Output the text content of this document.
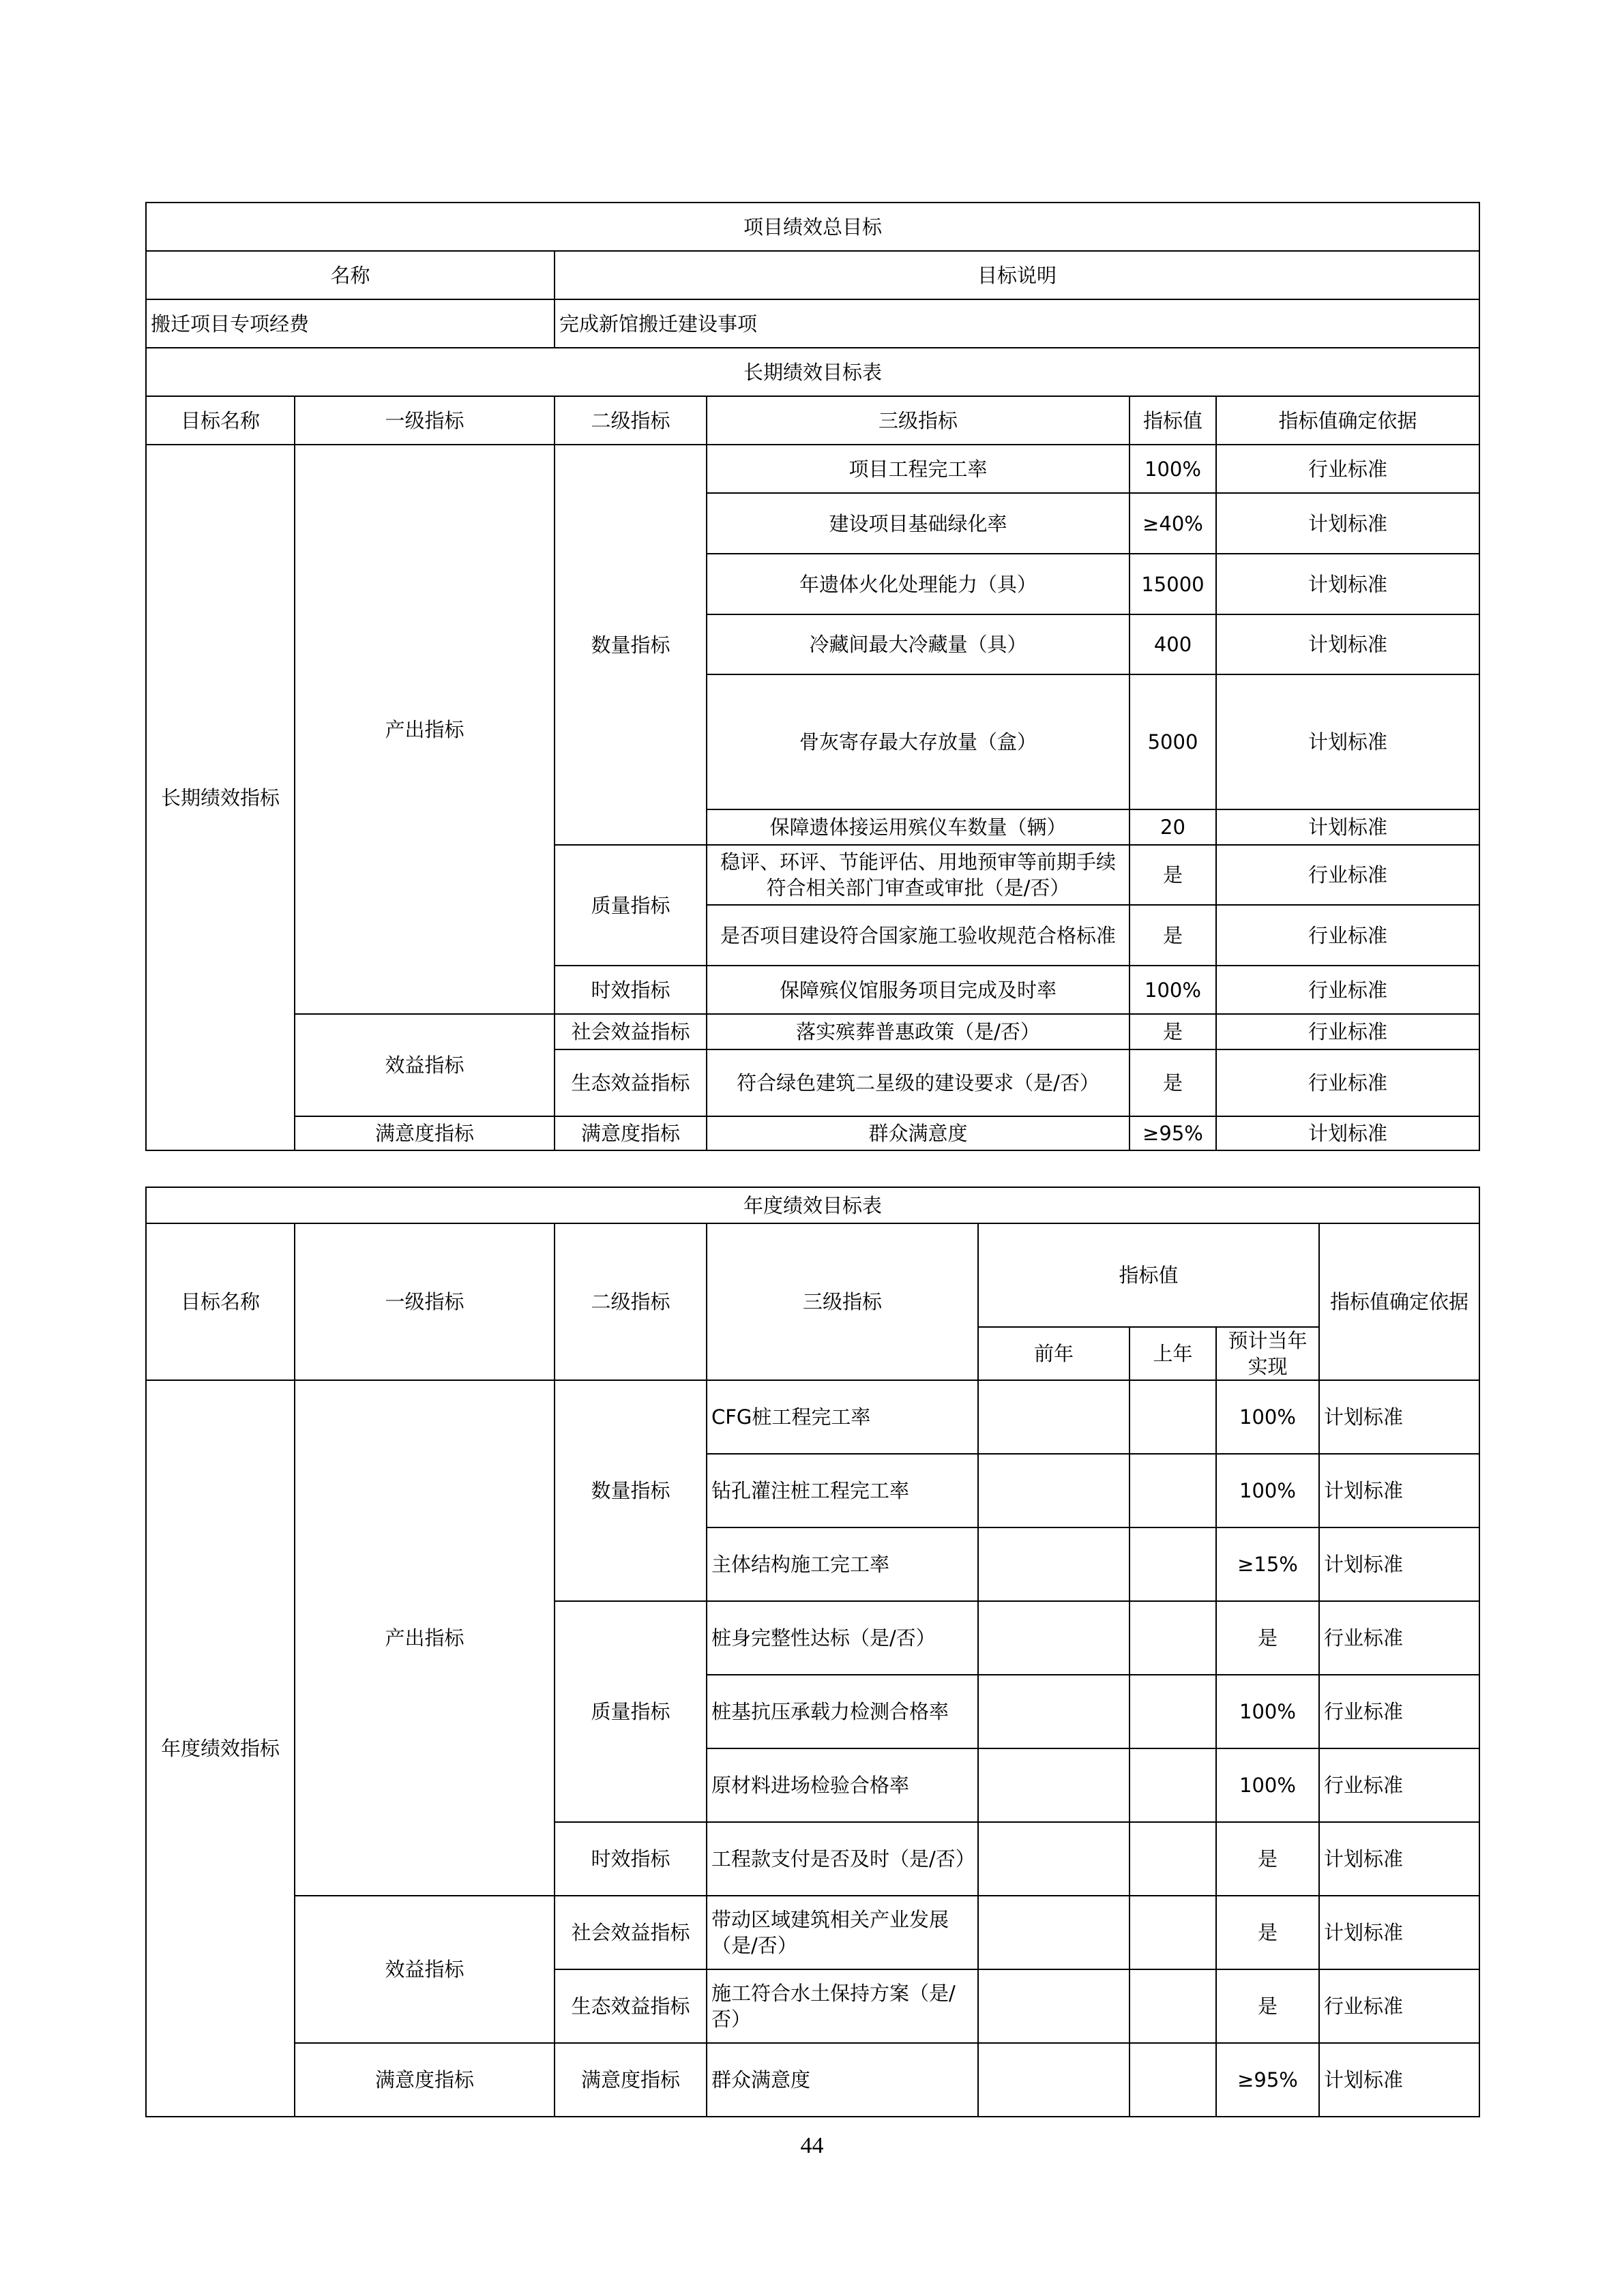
项目绩效总目标					
名称		目标说明			
搬迁项目专项经费		完成新馆搬迁建设事项			
长期绩效目标表					
目标名称	一级指标	二级指标	三级指标	指标值	指标值确定依据
长期绩效指标	产出指标	数量指标	项目工程完工率	100%	行业标准
			建设项目基础绿化率	≥40%	计划标准
			年遗体火化处理能力（具）	15000	计划标准
			冷藏间最大冷藏量（具）	400	计划标准
			骨灰寄存最大存放量（盒）	5000	计划标准
			保障遗体接运用殡仪车数量（辆）	20	计划标准
		质量指标	稳评、环评、节能评估、用地预审等前期手续符合相关部门审查或审批（是/否）	是	行业标准
			是否项目建设符合国家施工验收规范合格标准	是	行业标准
		时效指标	保障殡仪馆服务项目完成及时率	100%	行业标准
	效益指标	社会效益指标	落实殡葬普惠政策（是/否）	是	行业标准
		生态效益指标	符合绿色建筑二星级的建设要求（是/否）	是	行业标准
	满意度指标	满意度指标	群众满意度	≥95%	计划标准
年度绩效目标表							
目标名称	一级指标	二级指标	三级指标	指标值			指标值确定依据
				前年	上年	预计当年实现	
年度绩效指标	产出指标	数量指标	CFG桩工程完工率			100%	计划标准
			钻孔灌注桩工程完工率			100%	计划标准
			主体结构施工完工率			≥15%	计划标准
		质量指标	桩身完整性达标（是/否）			是	行业标准
			桩基抗压承载力检测合格率			100%	行业标准
			原材料进场检验合格率			100%	行业标准
		时效指标	工程款支付是否及时（是/否）			是	计划标准
	效益指标	社会效益指标	带动区域建筑相关产业发展（是/否）			是	计划标准
		生态效益指标	施工符合水土保持方案（是/否）			是	行业标准
	满意度指标	满意度指标	群众满意度			≥95%	计划标准
44
